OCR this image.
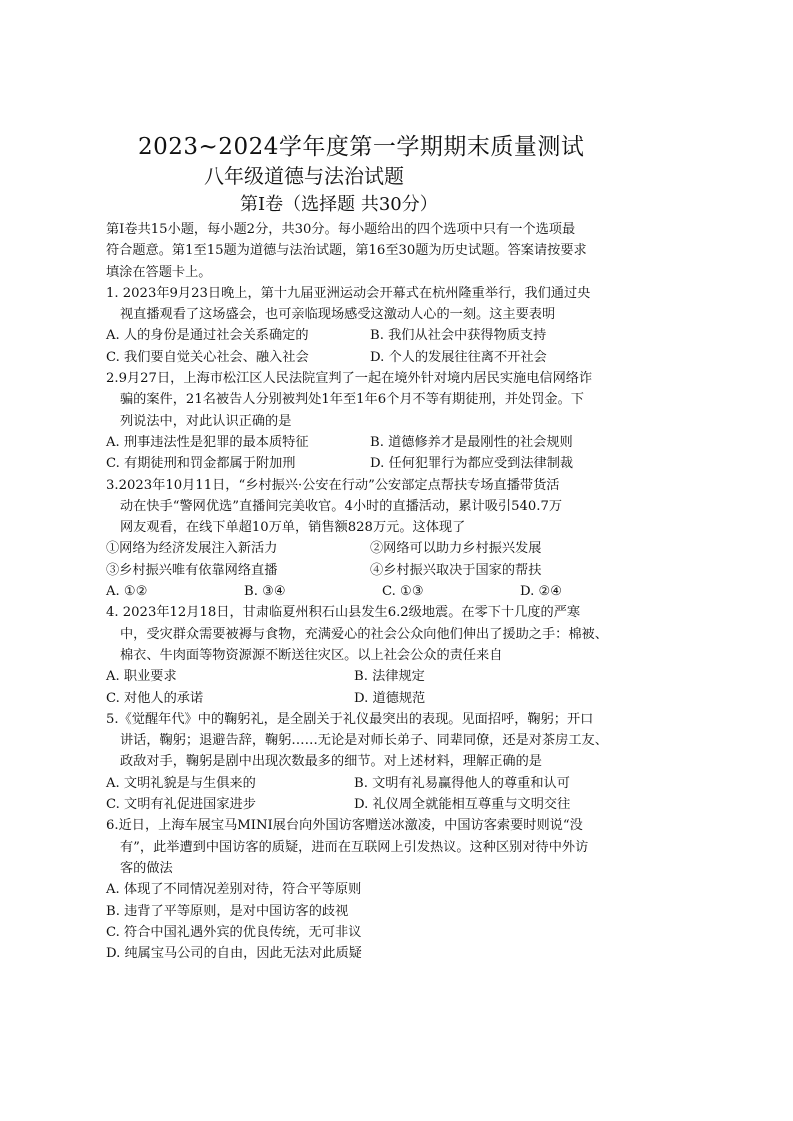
2023~2024学年度第一学期期末质量测试
八年级道德与法治试题
第Ⅰ卷（选择题 共30分）
第Ⅰ卷共15小题，每小题2分，共30分。每小题给出的四个选项中只有一个选项最
符合题意。第1至15题为道德与法治试题，第16至30题为历史试题。答案请按要求
填涂在答题卡上。
1. 2023年9月23日晚上，第十九届亚洲运动会开幕式在杭州隆重举行，我们通过央
视直播观看了这场盛会，也可亲临现场感受这激动人心的一刻。这主要表明
A. 人的身份是通过社会关系确定的	B. 我们从社会中获得物质支持
C. 我们要自觉关心社会、融入社会	D. 个人的发展往往离不开社会
2.9月27日，上海市松江区人民法院宣判了一起在境外针对境内居民实施电信网络诈
骗的案件，21名被告人分别被判处1年至1年6个月不等有期徒刑，并处罚金。下
列说法中，对此认识正确的是
A. 刑事违法性是犯罪的最本质特征	B. 道德修养才是最刚性的社会规则
C. 有期徒刑和罚金都属于附加刑	D. 任何犯罪行为都应受到法律制裁
3.2023年10月11日，“乡村振兴·公安在行动”公安部定点帮扶专场直播带货活
动在快手“警网优选”直播间完美收官。4小时的直播活动，累计吸引540.7万
网友观看，在线下单超10万单，销售额828万元。这体现了
①网络为经济发展注入新活力	②网络可以助力乡村振兴发展
③乡村振兴唯有依靠网络直播	④乡村振兴取决于国家的帮扶
A. ①②	B. ③④	C. ①③	D. ②④
4. 2023年12月18日，甘肃临夏州积石山县发生6.2级地震。在零下十几度的严寒
中，受灾群众需要被褥与食物，充满爱心的社会公众向他们伸出了援助之手：棉被、
棉衣、牛肉面等物资源源不断送往灾区。以上社会公众的责任来自
A. 职业要求	B. 法律规定
C. 对他人的承诺	D. 道德规范
5.《觉醒年代》中的鞠躬礼，是全剧关于礼仪最突出的表现。见面招呼，鞠躬；开口
讲话，鞠躬；退避告辞，鞠躬……无论是对师长弟子、同辈同僚，还是对茶房工友、
政敌对手，鞠躬是剧中出现次数最多的细节。对上述材料，理解正确的是
A. 文明礼貌是与生俱来的	B. 文明有礼易赢得他人的尊重和认可
C. 文明有礼促进国家进步	D. 礼仪周全就能相互尊重与文明交往
6.近日，上海车展宝马MINI展台向外国访客赠送冰激凌，中国访客索要时则说“没
有”，此举遭到中国访客的质疑，进而在互联网上引发热议。这种区别对待中外访
客的做法
A. 体现了不同情况差别对待，符合平等原则
B. 违背了平等原则，是对中国访客的歧视
C. 符合中国礼遇外宾的优良传统，无可非议
D. 纯属宝马公司的自由，因此无法对此质疑
